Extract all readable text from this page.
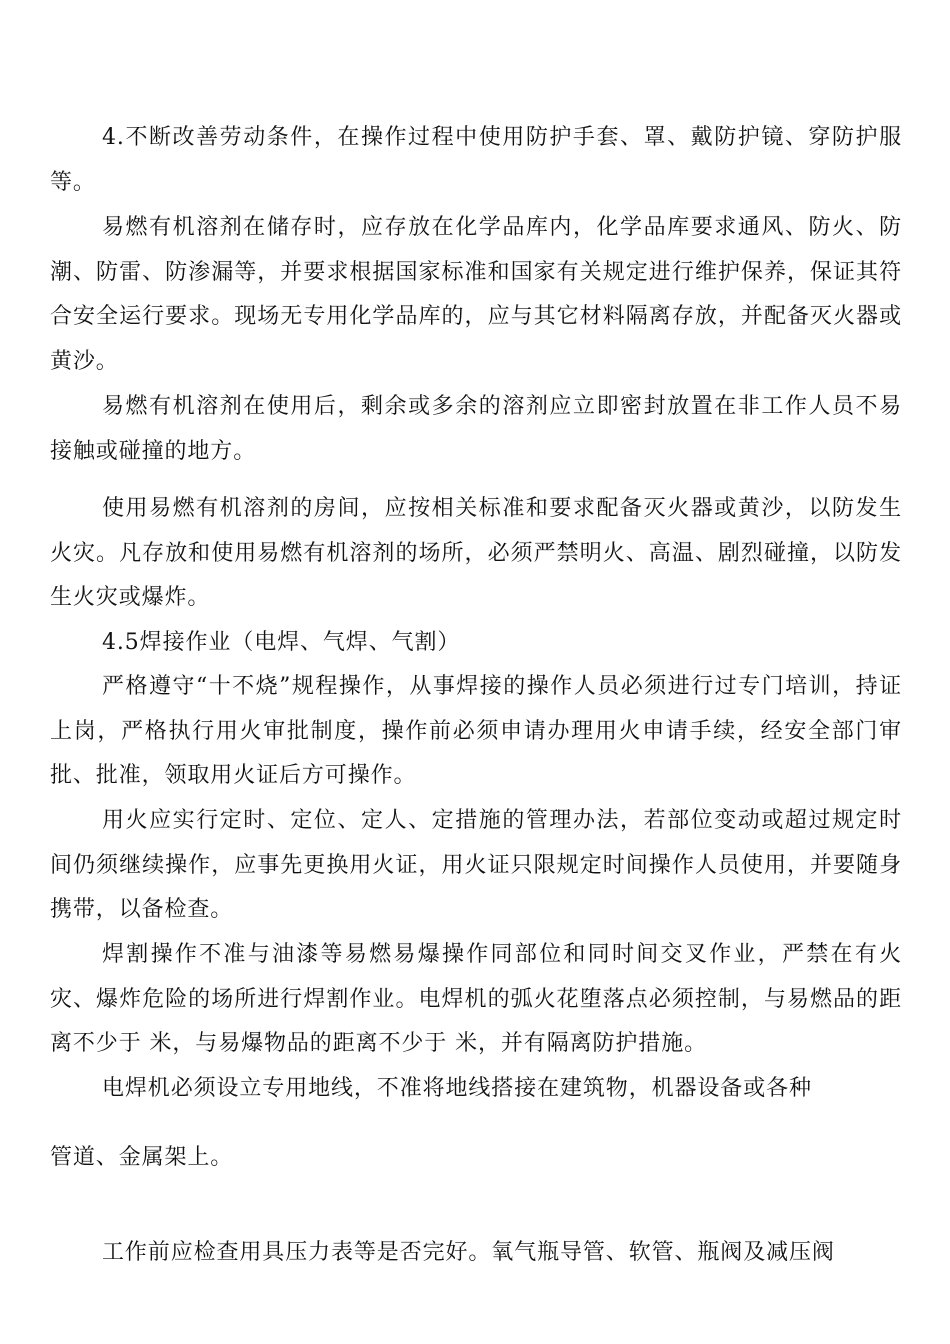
4.不断改善劳动条件，在操作过程中使用防护手套、罩、戴防护镜、穿防护服等。

易燃有机溶剂在储存时，应存放在化学品库内，化学品库要求通风、防火、防潮、防雷、防渗漏等，并要求根据国家标准和国家有关规定进行维护保养，保证其符合安全运行要求。现场无专用化学品库的，应与其它材料隔离存放，并配备灭火器或黄沙。

易燃有机溶剂在使用后，剩余或多余的溶剂应立即密封放置在非工作人员不易接触或碰撞的地方。

使用易燃有机溶剂的房间，应按相关标准和要求配备灭火器或黄沙，以防发生火灾。凡存放和使用易燃有机溶剂的场所，必须严禁明火、高温、剧烈碰撞，以防发生火灾或爆炸。

4.5焊接作业（电焊、气焊、气割）

严格遵守“十不烧”规程操作，从事焊接的操作人员必须进行过专门培训，持证上岗，严格执行用火审批制度，操作前必须申请办理用火申请手续，经安全部门审批、批准，领取用火证后方可操作。

用火应实行定时、定位、定人、定措施的管理办法，若部位变动或超过规定时间仍须继续操作，应事先更换用火证，用火证只限规定时间操作人员使用，并要随身携带，以备检查。

焊割操作不准与油漆等易燃易爆操作同部位和同时间交叉作业，严禁在有火灾、爆炸危险的场所进行焊割作业。电焊机的弧火花堕落点必须控制，与易燃品的距离不少于 米，与易爆物品的距离不少于 米，并有隔离防护措施。

电焊机必须设立专用地线，不准将地线搭接在建筑物，机器设备或各种

管道、金属架上。

工作前应检查用具压力表等是否完好。氧气瓶导管、软管、瓶阀及减压阀
